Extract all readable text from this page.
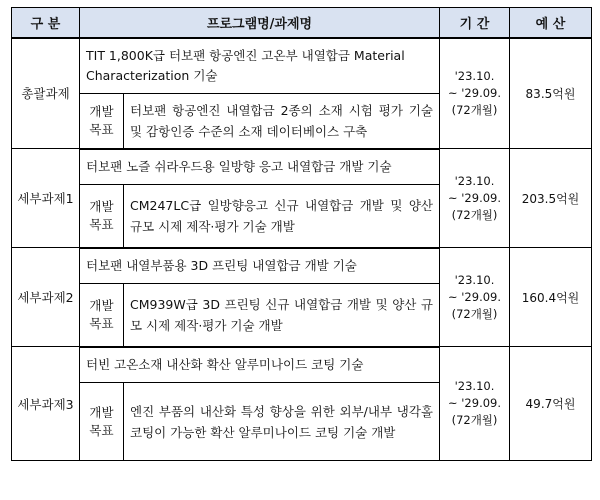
구 분	프로그램명/과제명		기 간	예 산
총괄과제	TIT 1,800K급 터보팬 항공엔진 고온부 내열합금 Material Characterization 기술		'23.10.
~ '29.09.
(72개월)	83.5억원

	개발
목표	터보팬 항공엔진 내열합금 2종의 소재 시험 평가 기술 및 감항인증 수준의 소재 데이터베이스 구축		
세부과제1	터보팬 노즐 쉬라우드용 일방향 응고 내열합금 개발 기술		'23.10.
~ '29.09.
(72개월)	203.5억원

	개발
목표	CM247LC급 일방향응고 신규 내열합금 개발 및 양산 규모 시제 제작·평가 기술 개발		
세부과제2	터보팬 내열부품용 3D 프린팅 내열합금 개발 기술		'23.10.
~ '29.09.
(72개월)	160.4억원

	개발
목표	CM939W급 3D 프린팅 신규 내열합금 개발 및 양산 규모 시제 제작·평가 기술 개발		
세부과제3	터빈 고온소재 내산화 확산 알루미나이드 코팅 기술		'23.10.
~ '29.09.
(72개월)	49.7억원

	개발
목표	엔진 부품의 내산화 특성 향상을 위한 외부/내부 냉각홀 코팅이 가능한 확산 알루미나이드 코팅 기술 개발		
